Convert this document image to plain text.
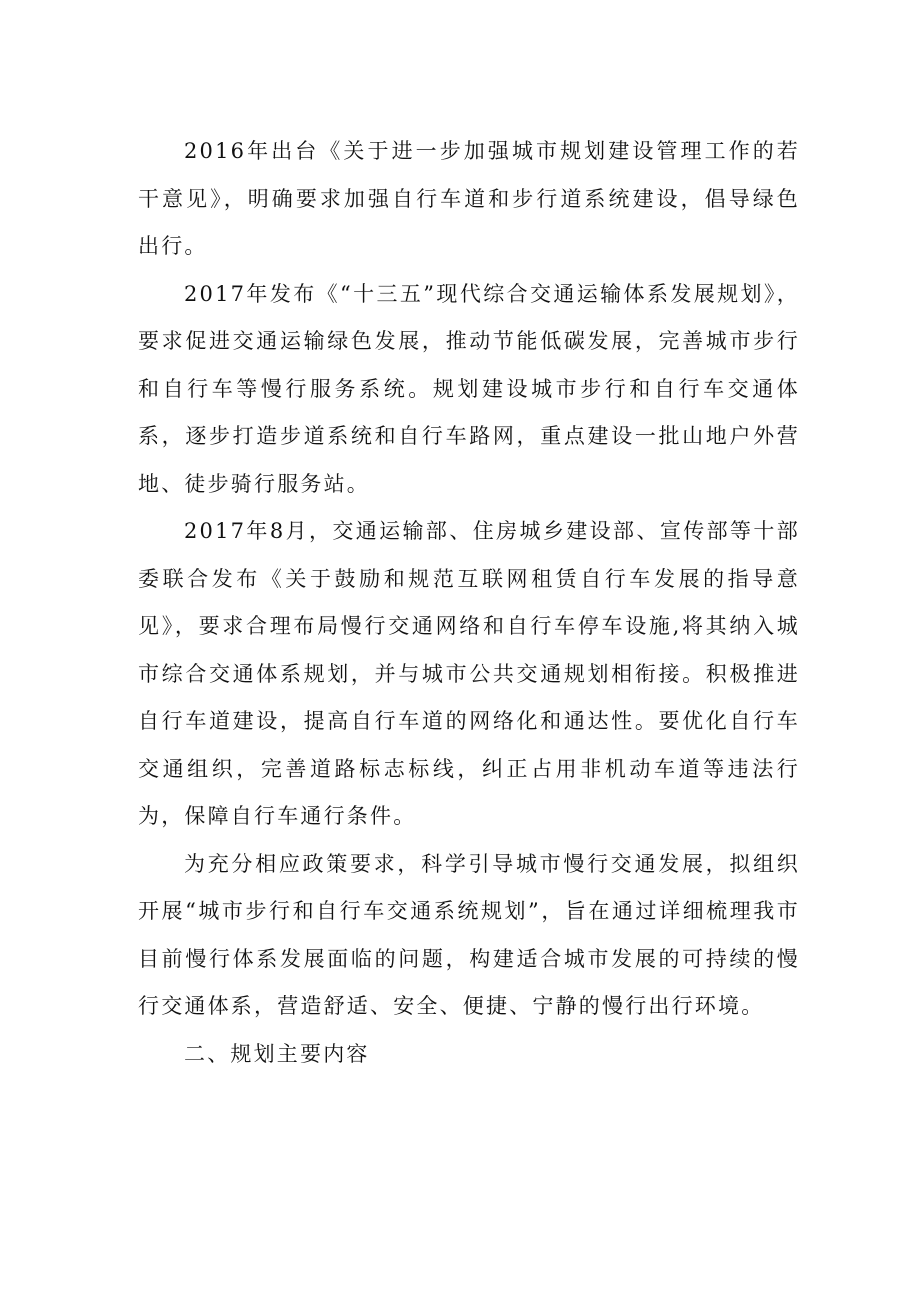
2016年出台《关于进一步加强城市规划建设管理工作的若干意见》，明确要求加强自行车道和步行道系统建设，倡导绿色出行。

2017年发布《“十三五”现代综合交通运输体系发展规划》，要求促进交通运输绿色发展，推动节能低碳发展，完善城市步行和自行车等慢行服务系统。规划建设城市步行和自行车交通体系，逐步打造步道系统和自行车路网，重点建设一批山地户外营地、徒步骑行服务站。

2017年8月，交通运输部、住房城乡建设部、宣传部等十部委联合发布《关于鼓励和规范互联网租赁自行车发展的指导意见》，要求合理布局慢行交通网络和自行车停车设施,将其纳入城市综合交通体系规划，并与城市公共交通规划相衔接。积极推进自行车道建设，提高自行车道的网络化和通达性。要优化自行车交通组织，完善道路标志标线，纠正占用非机动车道等违法行为，保障自行车通行条件。

为充分相应政策要求，科学引导城市慢行交通发展，拟组织开展“城市步行和自行车交通系统规划”，旨在通过详细梳理我市目前慢行体系发展面临的问题，构建适合城市发展的可持续的慢行交通体系，营造舒适、安全、便捷、宁静的慢行出行环境。

二、规划主要内容
